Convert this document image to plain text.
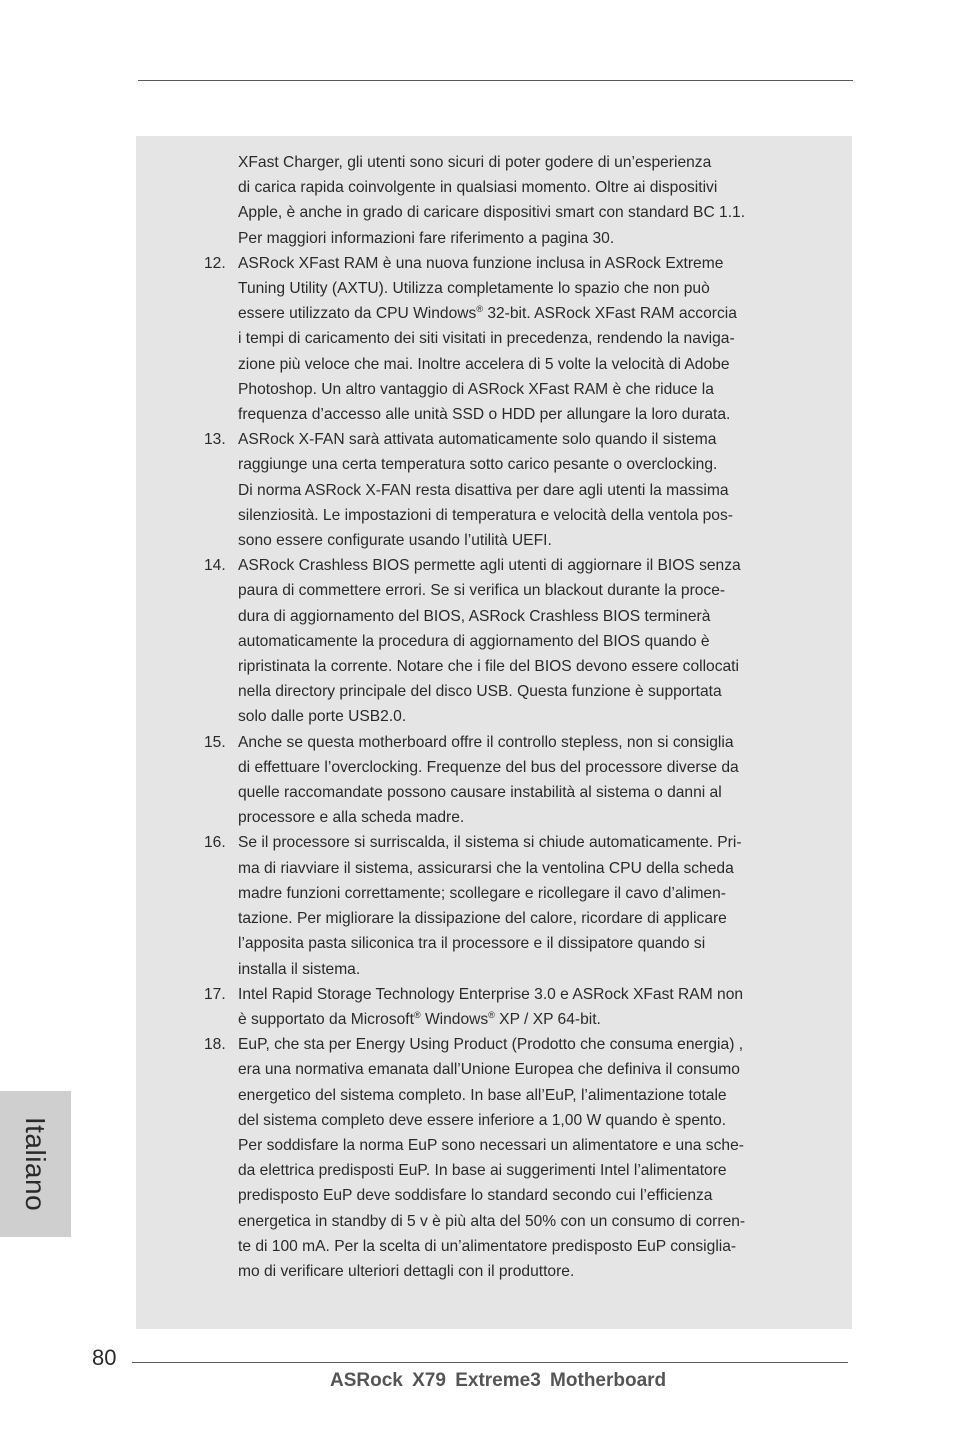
XFast Charger, gli utenti sono sicuri di poter godere di un’esperienza
di carica rapida coinvolgente in qualsiasi momento. Oltre ai dispositivi
Apple, è anche in grado di caricare dispositivi smart con standard BC 1.1.
Per maggiori informazioni fare riferimento a pagina 30.

12. ASRock XFast RAM è una nuova funzione inclusa in ASRock Extreme
Tuning Utility (AXTU). Utilizza completamente lo spazio che non può
essere utilizzato da CPU Windows® 32-bit. ASRock XFast RAM accorcia
i tempi di caricamento dei siti visitati in precedenza, rendendo la naviga-
zione più veloce che mai. Inoltre accelera di 5 volte la velocità di Adobe
Photoshop. Un altro vantaggio di ASRock XFast RAM è che riduce la
frequenza d’accesso alle unità SSD o HDD per allungare la loro durata.
13. ASRock X-FAN sarà attivata automaticamente solo quando il sistema
raggiunge una certa temperatura sotto carico pesante o overclocking.
Di norma ASRock X-FAN resta disattiva per dare agli utenti la massima
silenziosità. Le impostazioni di temperatura e velocità della ventola pos-
sono essere configurate usando l’utilità UEFI.
14. ASRock Crashless BIOS permette agli utenti di aggiornare il BIOS senza
paura di commettere errori. Se si verifica un blackout durante la proce-
dura di aggiornamento del BIOS, ASRock Crashless BIOS terminerà
automaticamente la procedura di aggiornamento del BIOS quando è
ripristinata la corrente. Notare che i file del BIOS devono essere collocati
nella directory principale del disco USB. Questa funzione è supportata
solo dalle porte USB2.0.
15. Anche se questa motherboard offre il controllo stepless, non si consiglia
di effettuare l’overclocking. Frequenze del bus del processore diverse da
quelle raccomandate possono causare instabilità al sistema o danni al
processore e alla scheda madre.
16. Se il processore si surriscalda, il sistema si chiude automaticamente. Pri-
ma di riavviare il sistema, assicurarsi che la ventolina CPU della scheda
madre funzioni correttamente; scollegare e ricollegare il cavo d’alimen-
tazione. Per migliorare la dissipazione del calore, ricordare di applicare
l’apposita pasta siliconica tra il processore e il dissipatore quando si
installa il sistema.
17. Intel Rapid Storage Technology Enterprise 3.0 e ASRock XFast RAM non
è supportato da Microsoft® Windows® XP / XP 64-bit.
18. EuP, che sta per Energy Using Product (Prodotto che consuma energia) ,
era una normativa emanata dall’Unione Europea che definiva il consumo
energetico del sistema completo. In base all’EuP, l’alimentazione totale
del sistema completo deve essere inferiore a 1,00 W quando è spento.
Per soddisfare la norma EuP sono necessari un alimentatore e una sche-
da elettrica predisposti EuP. In base ai suggerimenti Intel l’alimentatore
predisposto EuP deve soddisfare lo standard secondo cui l’efficienza
energetica in standby di 5 v è più alta del 50% con un consumo di corren-
te di 100 mA. Per la scelta di un’alimentatore predisposto EuP consiglia-
mo di verificare ulteriori dettagli con il produttore.
Italiano
80
ASRock X79 Extreme3 Motherboard
